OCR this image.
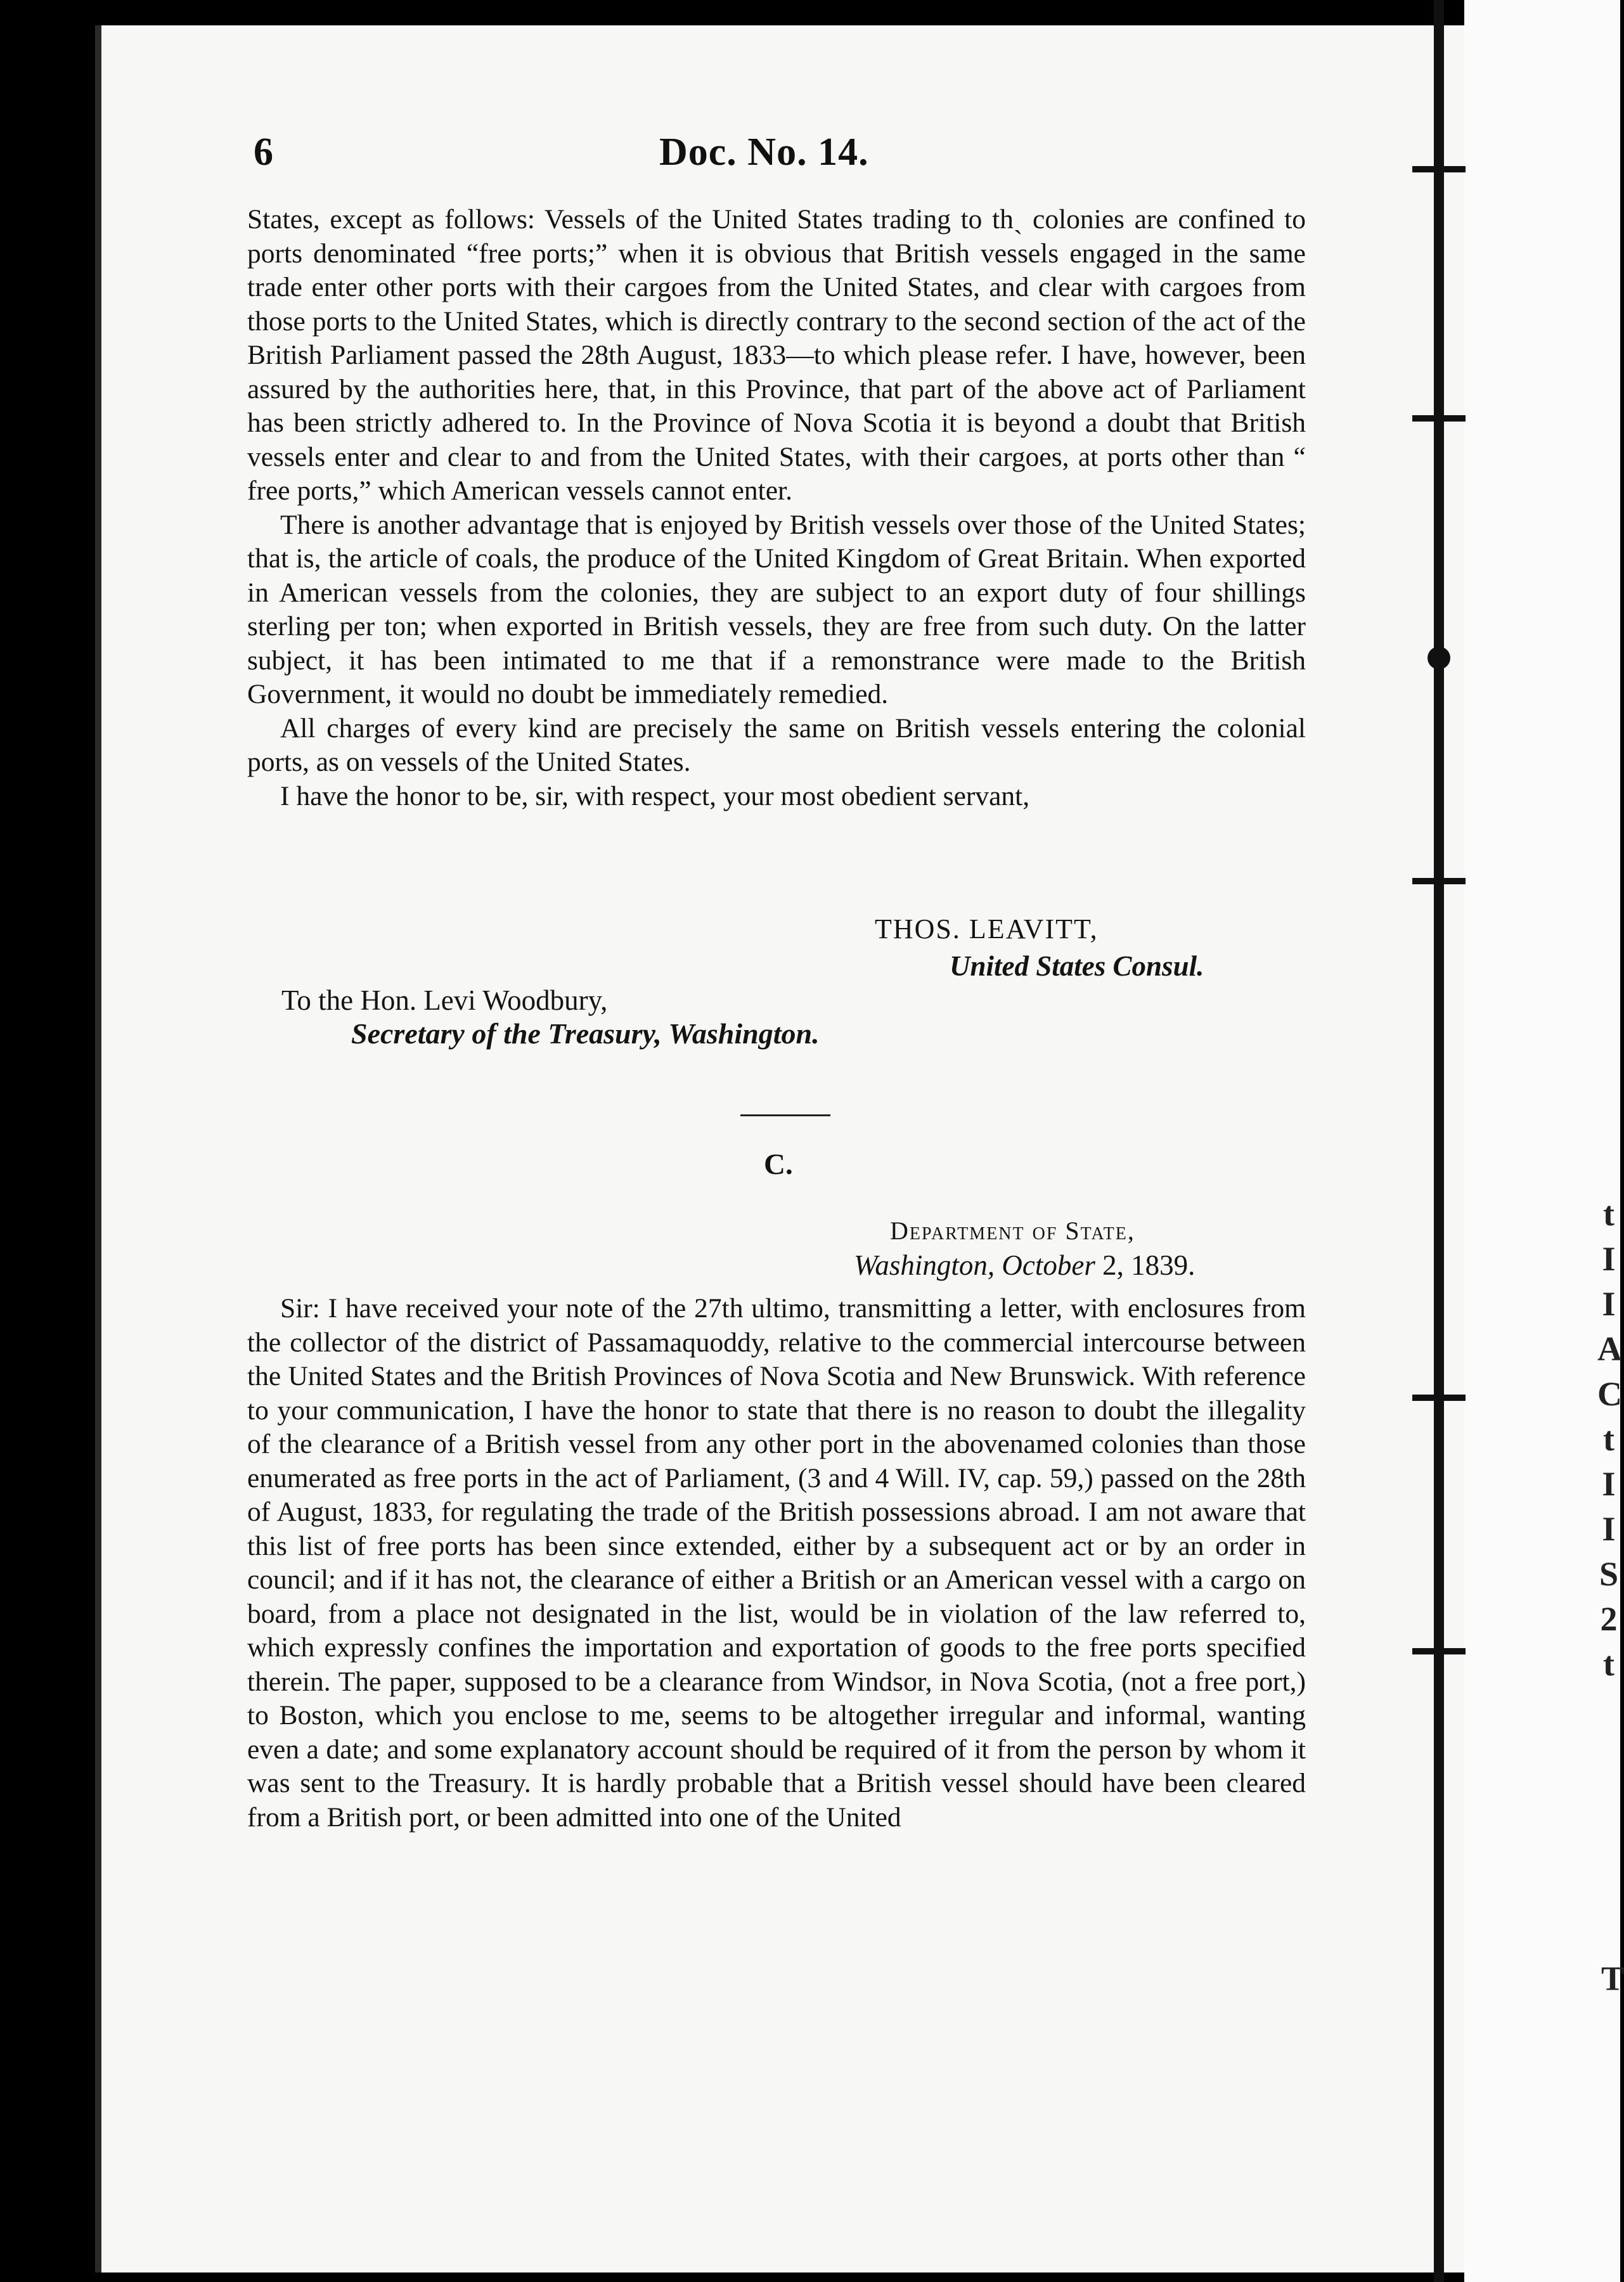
t
I
I
A
C
t
I
I
S
2
t
T
6	Doc. No. 14.

States, except as follows: Vessels of the United States trading to thˏ colonies are confined to ports denominated “free ports;” when it is obvious that British vessels engaged in the same trade enter other ports with their cargoes from the United States, and clear with cargoes from those ports to the United States, which is directly contrary to the second section of the act of the British Parliament passed the 28th August, 1833—to which please refer. I have, however, been assured by the authorities here, that, in this Province, that part of the above act of Parliament has been strictly adhered to. In the Province of Nova Scotia it is beyond a doubt that British vessels enter and clear to and from the United States, with their cargoes, at ports other than “ free ports,” which American vessels cannot enter.

There is another advantage that is enjoyed by British vessels over those of the United States; that is, the article of coals, the produce of the United Kingdom of Great Britain. When exported in American vessels from the colonies, they are subject to an export duty of four shillings sterling per ton; when exported in British vessels, they are free from such duty. On the latter subject, it has been intimated to me that if a remonstrance were made to the British Government, it would no doubt be immediately remedied.

All charges of every kind are precisely the same on British vessels entering the colonial ports, as on vessels of the United States.

I have the honor to be, sir, with respect, your most obedient servant,

THOS. LEAVITT,
United States Consul.
To the Hon. Levi Woodbury,
Secretary of the Treasury, Washington.
C.
Department of State,
Washington, October 2, 1839.

Sir: I have received your note of the 27th ultimo, transmitting a letter, with enclosures from the collector of the district of Passamaquoddy, relative to the commercial intercourse between the United States and the British Provinces of Nova Scotia and New Brunswick. With reference to your communication, I have the honor to state that there is no reason to doubt the illegality of the clearance of a British vessel from any other port in the abovenamed colonies than those enumerated as free ports in the act of Parliament, (3 and 4 Will. IV, cap. 59,) passed on the 28th of August, 1833, for regulating the trade of the British possessions abroad. I am not aware that this list of free ports has been since extended, either by a subsequent act or by an order in council; and if it has not, the clearance of either a British or an American vessel with a cargo on board, from a place not designated in the list, would be in violation of the law referred to, which expressly confines the importation and exportation of goods to the free ports specified therein. The paper, supposed to be a clearance from Windsor, in Nova Scotia, (not a free port,) to Boston, which you enclose to me, seems to be altogether irregular and informal, wanting even a date; and some explanatory account should be required of it from the person by whom it was sent to the Treasury. It is hardly probable that a British vessel should have been cleared from a British port, or been admitted into one of the United
